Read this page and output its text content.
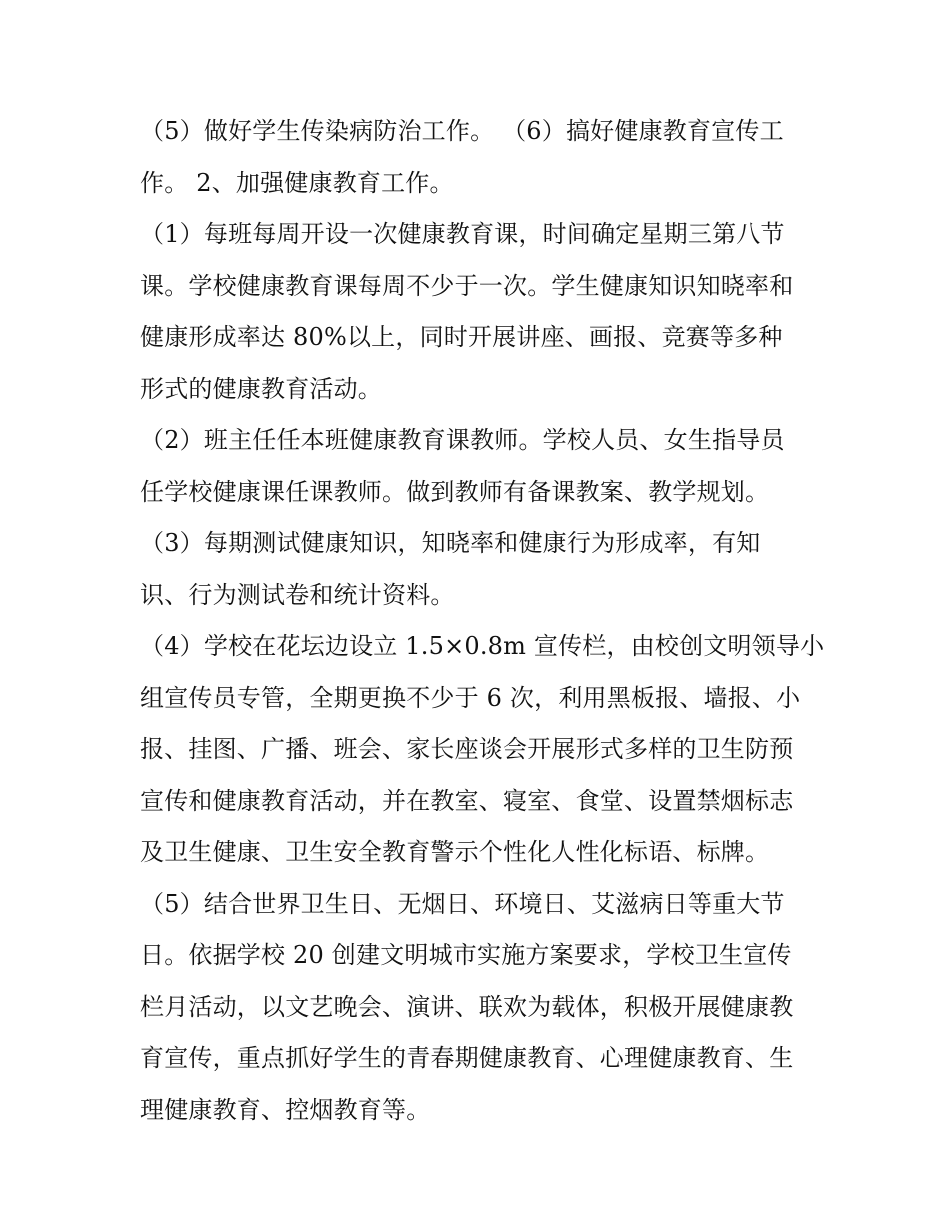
（5）做好学生传染病防治工作。 （6）搞好健康教育宣传工
作。 2、加强健康教育工作。
（1）每班每周开设一次健康教育课，时间确定星期三第八节
课。学校健康教育课每周不少于一次。学生健康知识知晓率和
健康形成率达 80%以上，同时开展讲座、画报、竞赛等多种
形式的健康教育活动。
（2）班主任任本班健康教育课教师。学校人员、女生指导员
任学校健康课任课教师。做到教师有备课教案、教学规划。
（3）每期测试健康知识，知晓率和健康行为形成率，有知
识、行为测试卷和统计资料。
（4）学校在花坛边设立 1.5×0.8m 宣传栏，由校创文明领导小
组宣传员专管，全期更换不少于 6 次，利用黑板报、墙报、小
报、挂图、广播、班会、家长座谈会开展形式多样的卫生防预
宣传和健康教育活动，并在教室、寝室、食堂、设置禁烟标志
及卫生健康、卫生安全教育警示个性化人性化标语、标牌。
（5）结合世界卫生日、无烟日、环境日、艾滋病日等重大节
日。依据学校 20 创建文明城市实施方案要求，学校卫生宣传
栏月活动，以文艺晚会、演讲、联欢为载体，积极开展健康教
育宣传，重点抓好学生的青春期健康教育、心理健康教育、生
理健康教育、控烟教育等。
